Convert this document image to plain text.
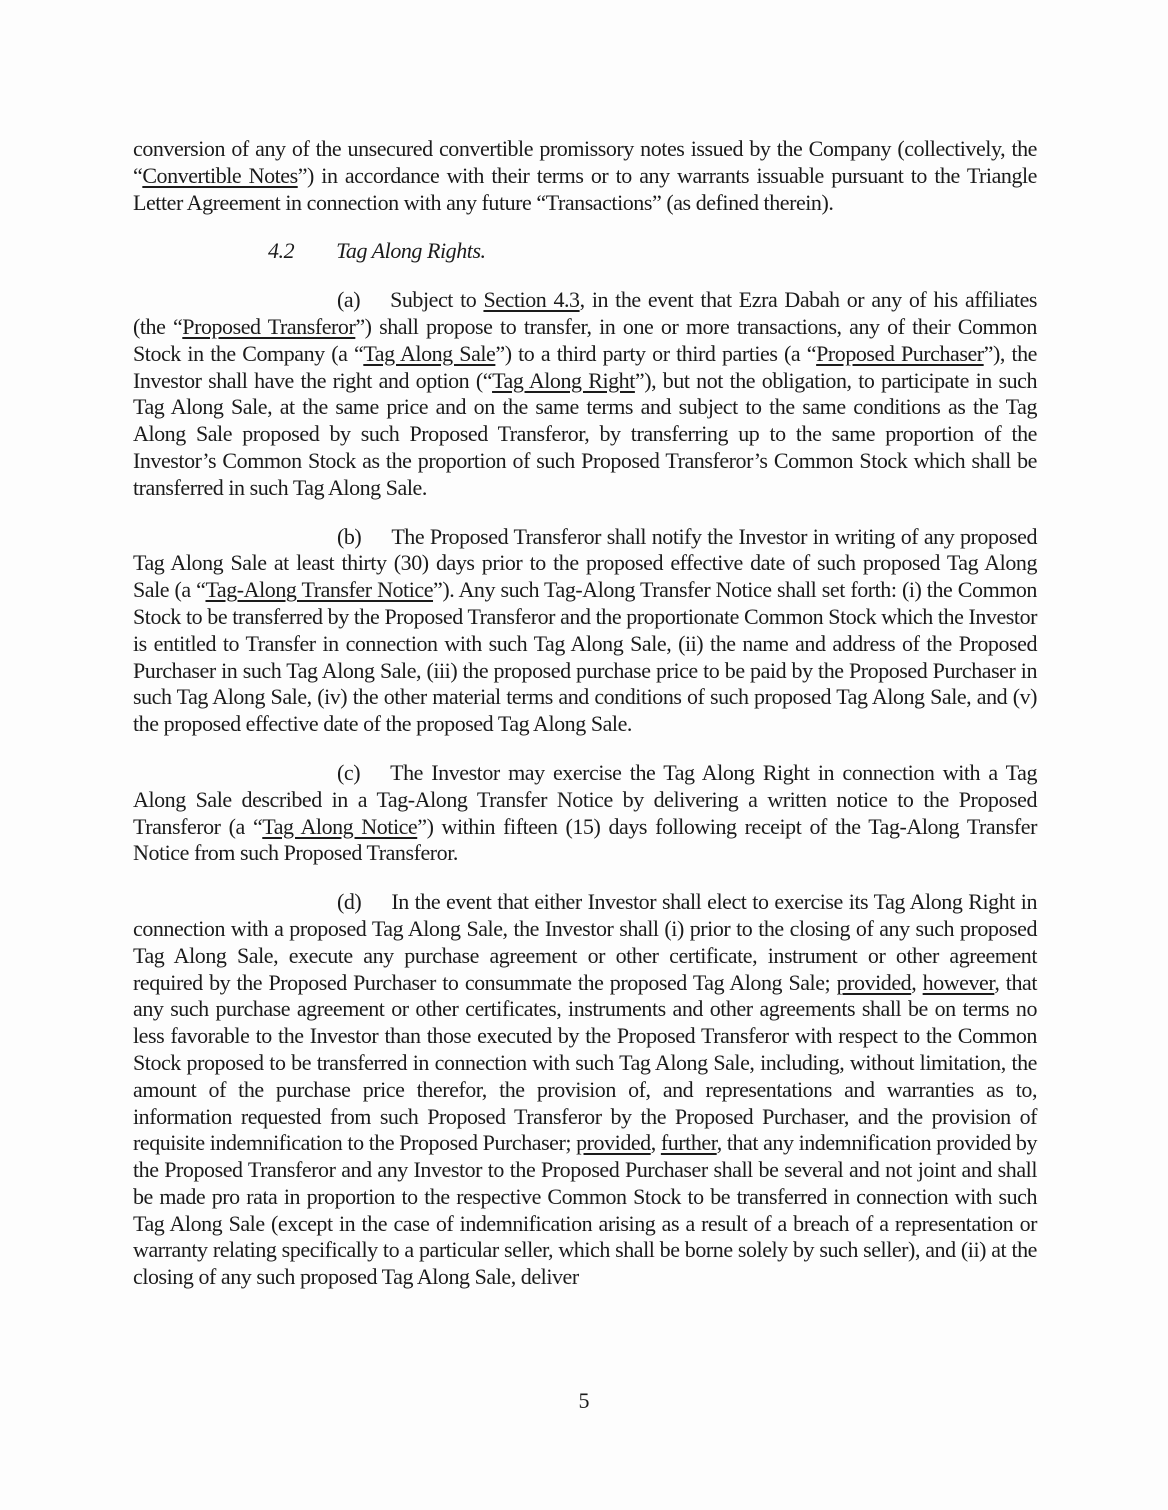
conversion of any of the unsecured convertible promissory notes issued by the Company (collectively, the “Convertible Notes”) in accordance with their terms or to any warrants issuable pursuant to the Triangle Letter Agreement in connection with any future “Transactions” (as defined therein).

4.2 Tag Along Rights.

(a) Subject to Section 4.3, in the event that Ezra Dabah or any of his affiliates (the “Proposed Transferor”) shall propose to transfer, in one or more transactions, any of their Common Stock in the Company (a “Tag Along Sale”) to a third party or third parties (a “Proposed Purchaser”), the Investor shall have the right and option (“Tag Along Right”), but not the obligation, to participate in such Tag Along Sale, at the same price and on the same terms and subject to the same conditions as the Tag Along Sale proposed by such Proposed Transferor, by transferring up to the same proportion of the Investor’s Common Stock as the proportion of such Proposed Transferor’s Common Stock which shall be transferred in such Tag Along Sale.

(b) The Proposed Transferor shall notify the Investor in writing of any proposed Tag Along Sale at least thirty (30) days prior to the proposed effective date of such proposed Tag Along Sale (a “Tag-Along Transfer Notice”). Any such Tag-Along Transfer Notice shall set forth: (i) the Common Stock to be transferred by the Proposed Transferor and the proportionate Common Stock which the Investor is entitled to Transfer in connection with such Tag Along Sale, (ii) the name and address of the Proposed Purchaser in such Tag Along Sale, (iii) the proposed purchase price to be paid by the Proposed Purchaser in such Tag Along Sale, (iv) the other material terms and conditions of such proposed Tag Along Sale, and (v) the proposed effective date of the proposed Tag Along Sale.

(c) The Investor may exercise the Tag Along Right in connection with a Tag Along Sale described in a Tag-Along Transfer Notice by delivering a written notice to the Proposed Transferor (a “Tag Along Notice”) within fifteen (15) days following receipt of the Tag-Along Transfer Notice from such Proposed Transferor.

(d) In the event that either Investor shall elect to exercise its Tag Along Right in connection with a proposed Tag Along Sale, the Investor shall (i) prior to the closing of any such proposed Tag Along Sale, execute any purchase agreement or other certificate, instrument or other agreement required by the Proposed Purchaser to consummate the proposed Tag Along Sale; provided, however, that any such purchase agreement or other certificates, instruments and other agreements shall be on terms no less favorable to the Investor than those executed by the Proposed Transferor with respect to the Common Stock proposed to be transferred in connection with such Tag Along Sale, including, without limitation, the amount of the purchase price therefor, the provision of, and representations and warranties as to, information requested from such Proposed Transferor by the Proposed Purchaser, and the provision of requisite indemnification to the Proposed Purchaser; provided, further, that any indemnification provided by the Proposed Transferor and any Investor to the Proposed Purchaser shall be several and not joint and shall be made pro rata in proportion to the respective Common Stock to be transferred in connection with such Tag Along Sale (except in the case of indemnification arising as a result of a breach of a representation or warranty relating specifically to a particular seller, which shall be borne solely by such seller), and (ii) at the closing of any such proposed Tag Along Sale, deliver

5
